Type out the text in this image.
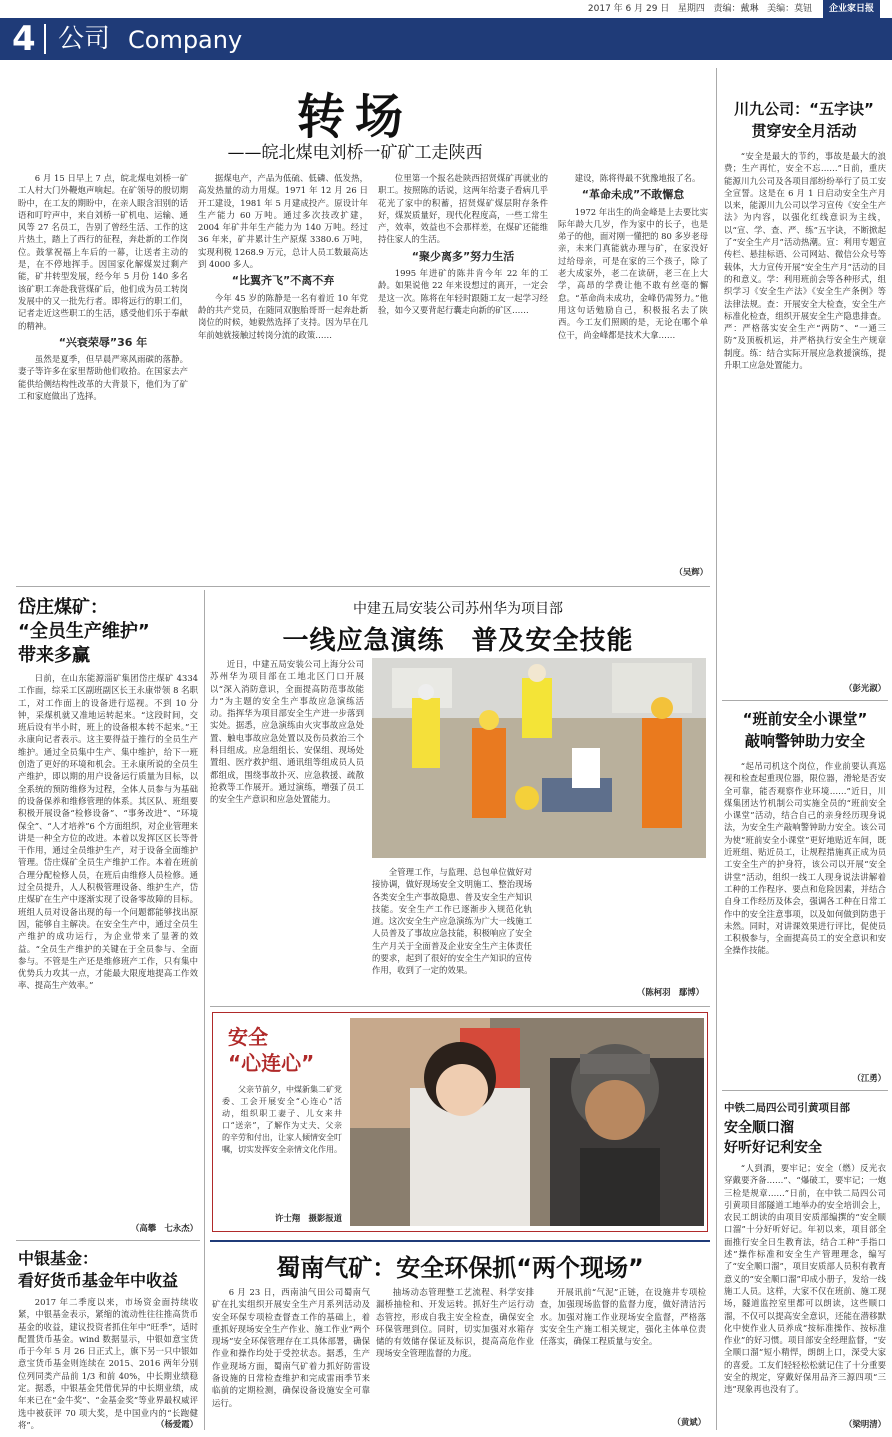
2017 年 6 月 29 日 星期四 责编：戴琳 美编：莫钮 企业家日报
4 公司 Company
转场
——皖北煤电刘桥一矿矿工走陕西

6 月 15 日早上 7 点，皖北煤电刘桥一矿工人村大门外鞭炮声响起。在矿领导的殷切期盼中，在工友的期盼中，在亲人眼含泪别的话语和叮咛声中，来自刘桥一矿机电、运输、通风等 27 名员工，告别了曾经生活、工作的这片热土，踏上了西行的征程，奔赴新的工作岗位。鼓掌祝福上车后的一幕，让送者主动的是，在不停地挥手。因国家化解煤炭过剩产能，矿井转型发展，经今年 5 月份 140 多名该矿职工奔赴我营煤矿后，他们成为员工转岗发展中的又一批先行者。即将远行的职工们，记者走近这些职工的生活，感受他们乐于奉献的精神。

“兴衰荣辱”36 年

虽然是夏季，但早晨严寒风雨碳的落静。妻子等许多在家里帮助他们收拾。在国家去产能供给侧结构性改革的大背景下，他们为了矿工和家庭做出了选择。

据煤电产，产品为低硫、低磷、低发热，高发热量的动力用煤。1971 年 12 月 26 日开工建设，1981 年 5 月建成投产。原设计年生产能力 60 万吨。通过多次技改扩建，2004 年矿井年生产能力为 140 万吨。经过 36 年来，矿井累计生产原煤 3380.6 万吨，实现利税 1268.9 万元，总计人员工数最高达到 4000 多人。

“比翼齐飞”不离不弃

今年 45 岁的陈静是一名有着近 10 年党龄的共产党员，在随同双胞胎哥哥一起奔赴新岗位的时候，她毅然选择了支持。因为早在几年前她就接触过转岗分流的政策……

位里第一个报名赴陕西招贤煤矿再就业的职工。按照陈的话说，这两年给妻子看病几乎花光了家中的积蓄，招贤煤矿煤层附存条件好，煤炭质量好，现代化程度高，一些工常生产，效率，效益也不会那样差，在煤矿还能维持住家人的生活。

“聚少离多”努力生活

1995 年进矿的陈井肯今年 22 年的工龄。如果说他 22 年来设想过的离开，一定会是这一次。陈将在年轻时跟随工友一起学习经验，如今又要背起行囊走向新的矿区……

建设，陈将得最不犹豫地报了名。

“革命未成”不敢懈怠

1972 年出生的尚金峰是上去要比实际年龄大几岁，作为家中的长子，也是弟子的他，面对刚一懂把的 80 多岁老母亲，未来门真能就办理与矿，在家没好过给母亲，可是在家的三个孩子，除了老大成家外，老二在读研，老三在上大学，高昂的学费让他不敢有丝毫的懈怠。“革命尚未成功，金峰仍需努力。”他用这句话勉励自己，积极报名去了陕西。今工友们照顾的是，无论在哪个单位干，尚金峰都是技术大拿……

（吴辉）
岱庄煤矿：
“全员生产维护”
带来多赢

日前，在山东能源淄矿集团岱庄煤矿 4334 工作面，综采工区副班副区长王永康带领 8 名职工，对工作面上的设备进行巡视。不到 10 分钟，采煤机就又准地运转起来。“这段时间，交班后设有半小时，班上的设备根本转不起来。”王永康向记者表示。这主要得益于推行的全员生产维护。通过全员集中生产、集中维护，给下一班创造了更好的环境和机会。王永康所说的全员生产维护，即以期的用户设备运行质量为目标，以全系统的预防维修为过程，全体人员参与为基础的设备保养和维修管理的体系。其区队、班组要积极开展设备“检修设备”、“事务改进”、“环境保全”、“人才培养”6 个方面组织，对企业管理来讲是一种全方位的改进。本着以发挥区区长等骨干作用，通过全员维护生产，对于设备全面维护管理。岱庄煤矿全员生产维护工作。本着在班前合理分配检修人员，在班后由维修人员检修。通过全员提升，人人积极管理设备、维护生产，岱庄煤矿在生产中逐渐实现了设备零故障的目标。班组人员对设备出现的每一个问题都能够找出原因，能够自主解决。在安全生产中，通过全员生产维护的成功运行，为企业带来了显著的效益。“全员生产维护的关键在于全员参与、全面参与。不管是生产还是维修班产工作，只有集中优势兵力攻其一点，才能最大限度地提高工作效率、提高生产效率。”

（高攀　七永杰）
中银基金：
看好货币基金年中收益

2017 年二季度以来，市场资金面持续收紧，中银基金表示，紧缩的流动性往往推高货币基金的收益，建议投资者抓住年中“旺季”，适时配置货币基金。wind 数据显示，中银如意宝货币于今年 5 月 26 日正式上，旗下另一只中银如意宝货币基金则连续在 2015、2016 两年分别位列同类产品前 1/3 和前 40%，中长期业绩稳定。据悉，中银基金凭借优异的中长期业绩，成年来已在“金牛奖”、“金基金奖”等业界最权威评选中被获评 70 项大奖，是中国业内的“长跑健将”。	（杨爱霞）
中建五局安装公司苏州华为项目部
一线应急演练　普及安全技能

近日，中建五局安装公司上海分公司苏州华为项目部在工地北区门口开展以“深入消防意识，全面提高防范事故能力”为主题的安全生产事故应急演练活动。指挥华为项目部安全生产进一步落到实处。据悉，应急演练由火灾事故应急处置、触电事故应急处置以及伤员救治三个科目组成。应急组组长、安保组、现场处置组、医疗救护组、通讯组等组成员人员都组成，围绕事故扑灭、应急救援、疏散抢救等工作展开。通过演练，增强了员工的安全生产意识和应急处置能力。

全管理工作，与监理、总包单位做好对接协调，做好现场安全文明施工、整治现场各类安全生产事故隐患、普及安全生产知识技能。安全生产工作已逐渐步入规范化轨道。这次安全生产应急演练为广大一线施工人员普及了事故应急技能，积极响应了安全生产月关于全面普及企业安全生产主体责任的要求，起到了很好的安全生产知识的宣传作用，收到了一定的效果。

（陈柯羽　鄢博）
安全
“心连心”

父亲节前夕，中煤新集二矿党委、工会开展安全“心连心”活动，组织职工妻子、儿女来井口“送亲”，了解作为丈夫、父亲的辛劳和付出，让家人倾情安全叮嘱，切实发挥安全亲情文化作用。

许士翔　摄影报道
蜀南气矿：安全环保抓“两个现场”

6 月 23 日，西南油气田公司蜀南气矿在扎实组织开展安全生产月系列活动及安全环保专项检查督查工作的基础上，着重抓好现场安全生产作业、施工作业“两个现场”安全环保管理存在工具体部署，确保作业和操作均处于受控状态。据悉，生产作业现场方面，蜀南气矿着力抓好防雷设备设施的日常检查维护和完成雷雨季节来临前的定期检测，确保设备设施安全可靠运行。

抽场动态管理整工艺流程、科学安排漏桥抽检和、开发运转。抓好生产运行动态管控，形成自我主安全检查，确保安全环保管理到位。同时，切实加强对水箱存储的有效储存保证及标识，提高高危作业现场安全管理监督的力度。

开展讯前“气泥”正链，在设施井专项检查，加强现场监督的监督力度，做好清洁污水。加强对施工作业现场安全监督，严格落实安全生产施工相关规定，强化主体单位责任落实，确保工程质量与安全。

（黄斌）
川九公司：“五字诀”
贯穿安全月活动

“安全是最大的节约，事故是最大的浪费；生产再忙，安全不忘……”日前，重庆能源川九公司及各项目部纷纷举行了员工安全宣誓。这是在 6 月 1 日启动安全生产月以来，能源川九公司以学习宣传《安全生产法》为内容，以强化红线意识为主线，以“宣、学、查、严、练”五字诀，不断掀起了“安全生产月”活动热潮。宣：利用专题宣传栏、悬挂标语、公司网站、微信公众号等载体，大力宣传开展“安全生产月”活动的目的和意义。学：利用班前会等各种形式，组织学习《安全生产法》《安全生产条例》等法律法规。查：开展安全大检查，安全生产标准化检查，组织开展安全生产隐患排查。严：严格落实安全生产“两防”、“一通三防”及顶板机运，并严格执行安全生产规章制度。练：结合实际开展应急救援演练，提升职工应急处置能力。

（彭光淑）
“班前安全小课堂”
敲响警钟助力安全

“起吊司机这个岗位，作业前要认真巡视和检查起重现位器，限位器，滑轮是否安全可靠，能否观察作业环境……”近日，川煤集团达竹机制公司实施全员的“班前安全小课堂”活动，结合自己的亲身经历现身说法，为安全生产敲响警钟助力安全。该公司为使“班前安全小课堂”更好地贴近车间，既近班组、贴近员工，让规程措施真正成为员工安全生产的护身符，该公司以开展“安全讲堂”活动，组织一线工人现身说法讲解着工种的工作程序、要点和危险因素，并结合自身工作经历及体会，强调各工种在日常工作中的安全注意事项，以及如何做到防患于未然。同时，对讲课效果进行评比，促使员工积极参与，全面提高员工的安全意识和安全操作技能。

（江勇）
中铁二局四公司引黄项目部
安全顺口溜
好听好记利安全

“人到酒，要牢记；安全（燃）反光衣穿戴要齐备……”、“爆破工，要牢记；一炮三检是规章……”日前，在中铁二局四公司引黄项目部隧道工地举办的安全培训会上，农民工朗读的由项目安质部编撰的“安全顺口溜”十分好听好记。年初以来，项目部全面推行安全日生教育法，结合工种“手指口述”操作标准和安全生产管理理念，编写了“安全顺口溜”，项目安质部人员积有教育意义的“安全顺口溜”印成小册子，发给一线施工人员。这样，大家不仅在班前、施工现场，隧道监控室里都可以朗读，这些顺口溜，不仅可以提高安全意识，还能在潜移默化中使作业人员养成“按标准操作、按标准作业”的好习惯。项目部安全经理监督，“安全顺口溜”短小精悍，朗朗上口，深受大家的喜爱。工友们轻轻松松就记住了十分重要安全的规定，穿戴好保用品齐三源四项“三违”现象再也没有了。

（梁明清）
